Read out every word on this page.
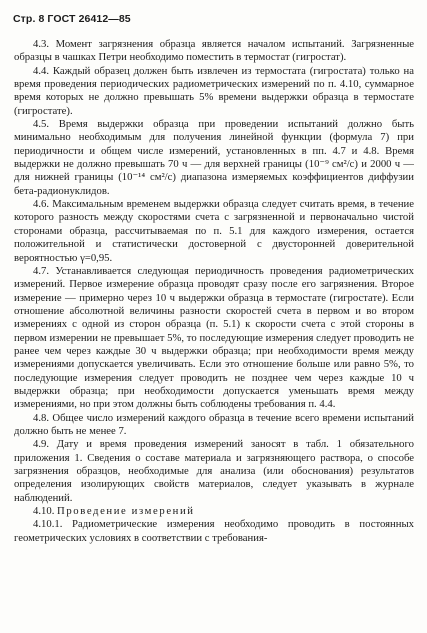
Стр. 8 ГОСТ 26412—85

4.3. Момент загрязнения образца является началом испытаний. Загрязненные образцы в чашках Петри необходимо поместить в термостат (гигростат).

4.4. Каждый образец должен быть извлечен из термостата (гигростата) только на время проведения периодических радиометрических измерений по п. 4.10, суммарное время которых не должно превышать 5% времени выдержки образца в термостате (гигростате).

4.5. Время выдержки образца при проведении испытаний должно быть минимально необходимым для получения линейной функции (формула 7) при периодичности и общем числе измерений, установленных в пп. 4.7 и 4.8. Время выдержки не должно превышать 70 ч — для верхней границы (10⁻⁹ см²/с) и 2000 ч — для нижней границы (10⁻¹⁴ см²/с) диапазона измеряемых коэффициентов диффузии бета-радионуклидов.

4.6. Максимальным временем выдержки образца следует считать время, в течение которого разность между скоростями счета с загрязненной и первоначально чистой сторонами образца, рассчитываемая по п. 5.1 для каждого измерения, остается положительной и статистически достоверной с двусторонней доверительной вероятностью γ=0,95.

4.7. Устанавливается следующая периодичность проведения радиометрических измерений. Первое измерение образца проводят сразу после его загрязнения. Второе измерение — примерно через 10 ч выдержки образца в термостате (гигростате). Если отношение абсолютной величины разности скоростей счета в первом и во втором измерениях с одной из сторон образца (п. 5.1) к скорости счета с этой стороны в первом измерении не превышает 5%, то последующие измерения следует проводить не ранее чем через каждые 30 ч выдержки образца; при необходимости время между измерениями допускается увеличивать. Если это отношение больше или равно 5%, то последующие измерения следует проводить не позднее чем через каждые 10 ч выдержки образца; при необходимости допускается уменьшать время между измерениями, но при этом должны быть соблюдены требования п. 4.4.

4.8. Общее число измерений каждого образца в течение всего времени испытаний должно быть не менее 7.

4.9. Дату и время проведения измерений заносят в табл. 1 обязательного приложения 1. Сведения о составе материала и загрязняющего раствора, о способе загрязнения образцов, необходимые для анализа (или обоснования) результатов определения изолирующих свойств материалов, следует указывать в журнале наблюдений.

4.10. Проведение измерений

4.10.1. Радиометрические измерения необходимо проводить в постоянных геометрических условиях в соответствии с требования-
